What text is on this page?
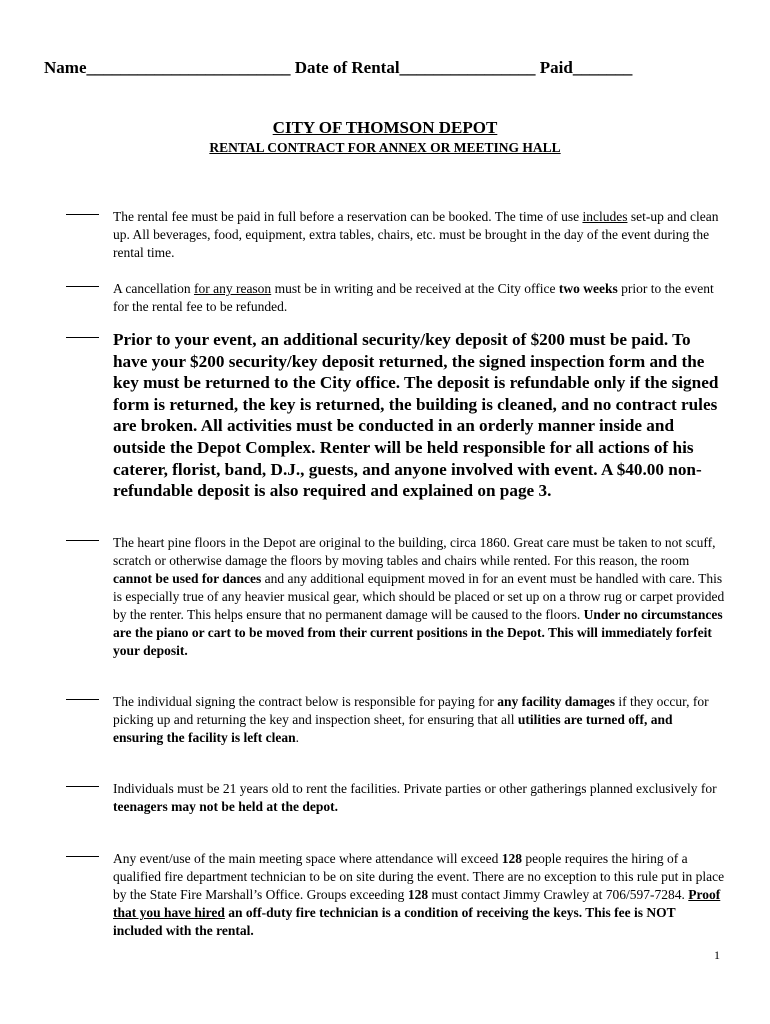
Name________________________ Date of Rental________________ Paid_______
CITY OF THOMSON DEPOT
RENTAL CONTRACT FOR ANNEX OR MEETING HALL
The rental fee must be paid in full before a reservation can be booked. The time of use includes set-up and clean up. All beverages, food, equipment, extra tables, chairs, etc. must be brought in the day of the event during the rental time.
A cancellation for any reason must be in writing and be received at the City office two weeks prior to the event for the rental fee to be refunded.
Prior to your event, an additional security/key deposit of $200 must be paid. To have your $200 security/key deposit returned, the signed inspection form and the key must be returned to the City office. The deposit is refundable only if the signed form is returned, the key is returned, the building is cleaned, and no contract rules are broken. All activities must be conducted in an orderly manner inside and outside the Depot Complex. Renter will be held responsible for all actions of his caterer, florist, band, D.J., guests, and anyone involved with event. A $40.00 non-refundable deposit is also required and explained on page 3.
The heart pine floors in the Depot are original to the building, circa 1860. Great care must be taken to not scuff, scratch or otherwise damage the floors by moving tables and chairs while rented. For this reason, the room cannot be used for dances and any additional equipment moved in for an event must be handled with care. This is especially true of any heavier musical gear, which should be placed or set up on a throw rug or carpet provided by the renter. This helps ensure that no permanent damage will be caused to the floors. Under no circumstances are the piano or cart to be moved from their current positions in the Depot. This will immediately forfeit your deposit.
The individual signing the contract below is responsible for paying for any facility damages if they occur, for picking up and returning the key and inspection sheet, for ensuring that all utilities are turned off, and ensuring the facility is left clean.
Individuals must be 21 years old to rent the facilities. Private parties or other gatherings planned exclusively for teenagers may not be held at the depot.
Any event/use of the main meeting space where attendance will exceed 128 people requires the hiring of a qualified fire department technician to be on site during the event. There are no exception to this rule put in place by the State Fire Marshall’s Office. Groups exceeding 128 must contact Jimmy Crawley at 706/597-7284. Proof that you have hired an off-duty fire technician is a condition of receiving the keys. This fee is NOT included with the rental.
1
